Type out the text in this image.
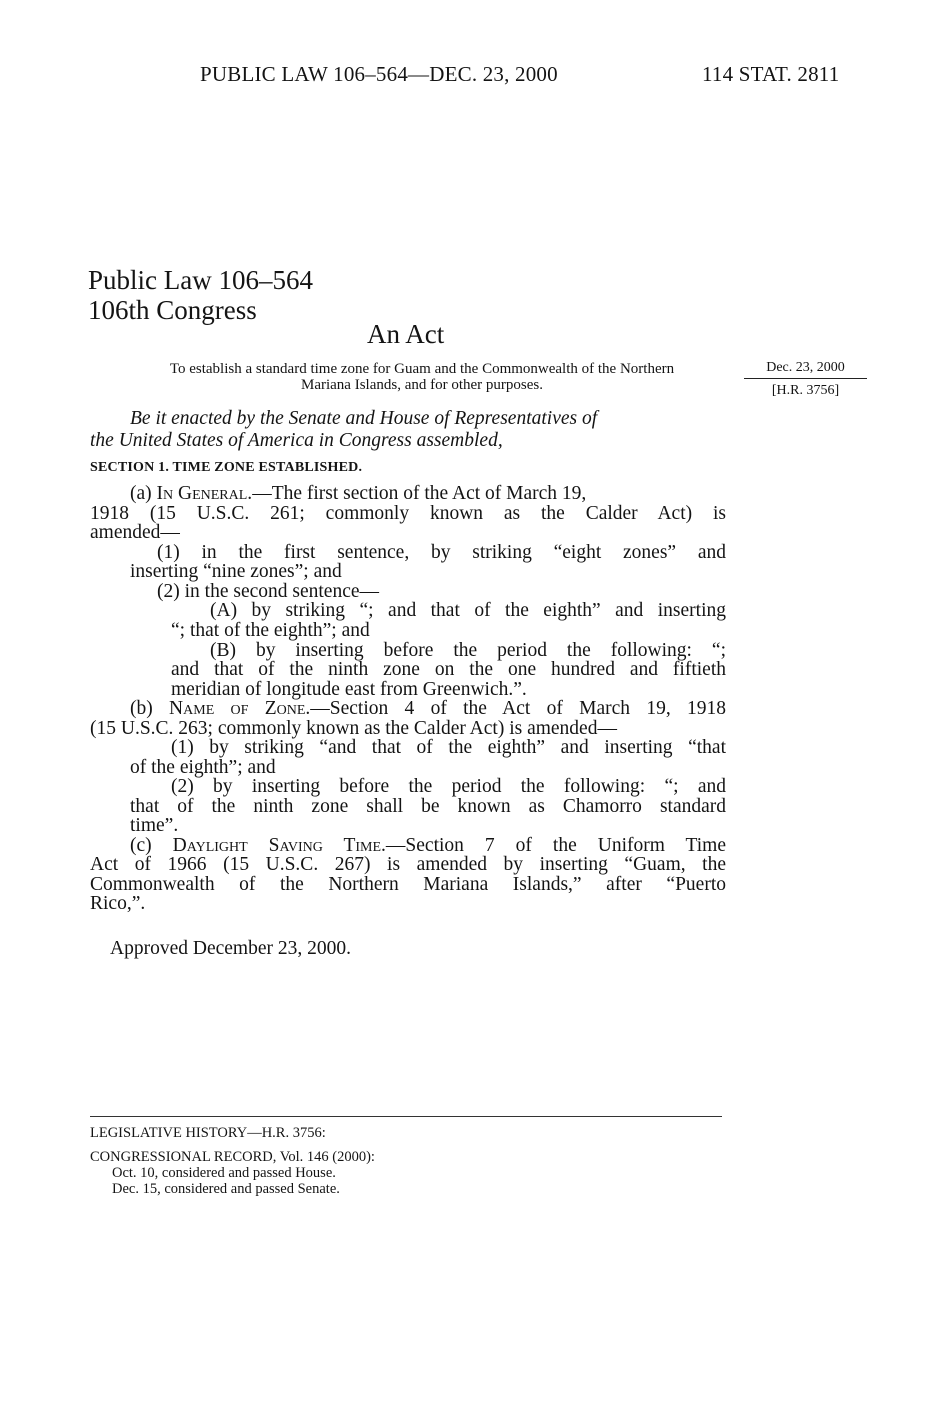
PUBLIC LAW 106–564—DEC. 23, 2000	114 STAT. 2811
Public Law 106–564
106th Congress
An Act
To establish a standard time zone for Guam and the Commonwealth of the Northern
Mariana Islands, and for other purposes.
Dec. 23, 2000
[H.R. 3756]
Be it enacted by the Senate and House of Representatives of
the United States of America in Congress assembled,
SECTION 1. TIME ZONE ESTABLISHED.
(a) In General.—The first section of the Act of March 19,
1918 (15 U.S.C. 261; commonly known as the Calder Act) is
amended—
(1) in the first sentence, by striking “eight zones” and
inserting “nine zones”; and
(2) in the second sentence—
(A) by striking “; and that of the eighth” and inserting
“; that of the eighth”; and
(B) by inserting before the period the following: “;
and that of the ninth zone on the one hundred and fiftieth
meridian of longitude east from Greenwich.”.
(b) Name of Zone.—Section 4 of the Act of March 19, 1918
(15 U.S.C. 263; commonly known as the Calder Act) is amended—
(1) by striking “and that of the eighth” and inserting “that
of the eighth”; and
(2) by inserting before the period the following: “; and
that of the ninth zone shall be known as Chamorro standard
time”.
(c) Daylight Saving Time.—Section 7 of the Uniform Time
Act of 1966 (15 U.S.C. 267) is amended by inserting “Guam, the
Commonwealth of the Northern Mariana Islands,” after “Puerto
Rico,”.
Approved December 23, 2000.
LEGISLATIVE HISTORY—H.R. 3756:
CONGRESSIONAL RECORD, Vol. 146 (2000):
Oct. 10, considered and passed House.
Dec. 15, considered and passed Senate.
